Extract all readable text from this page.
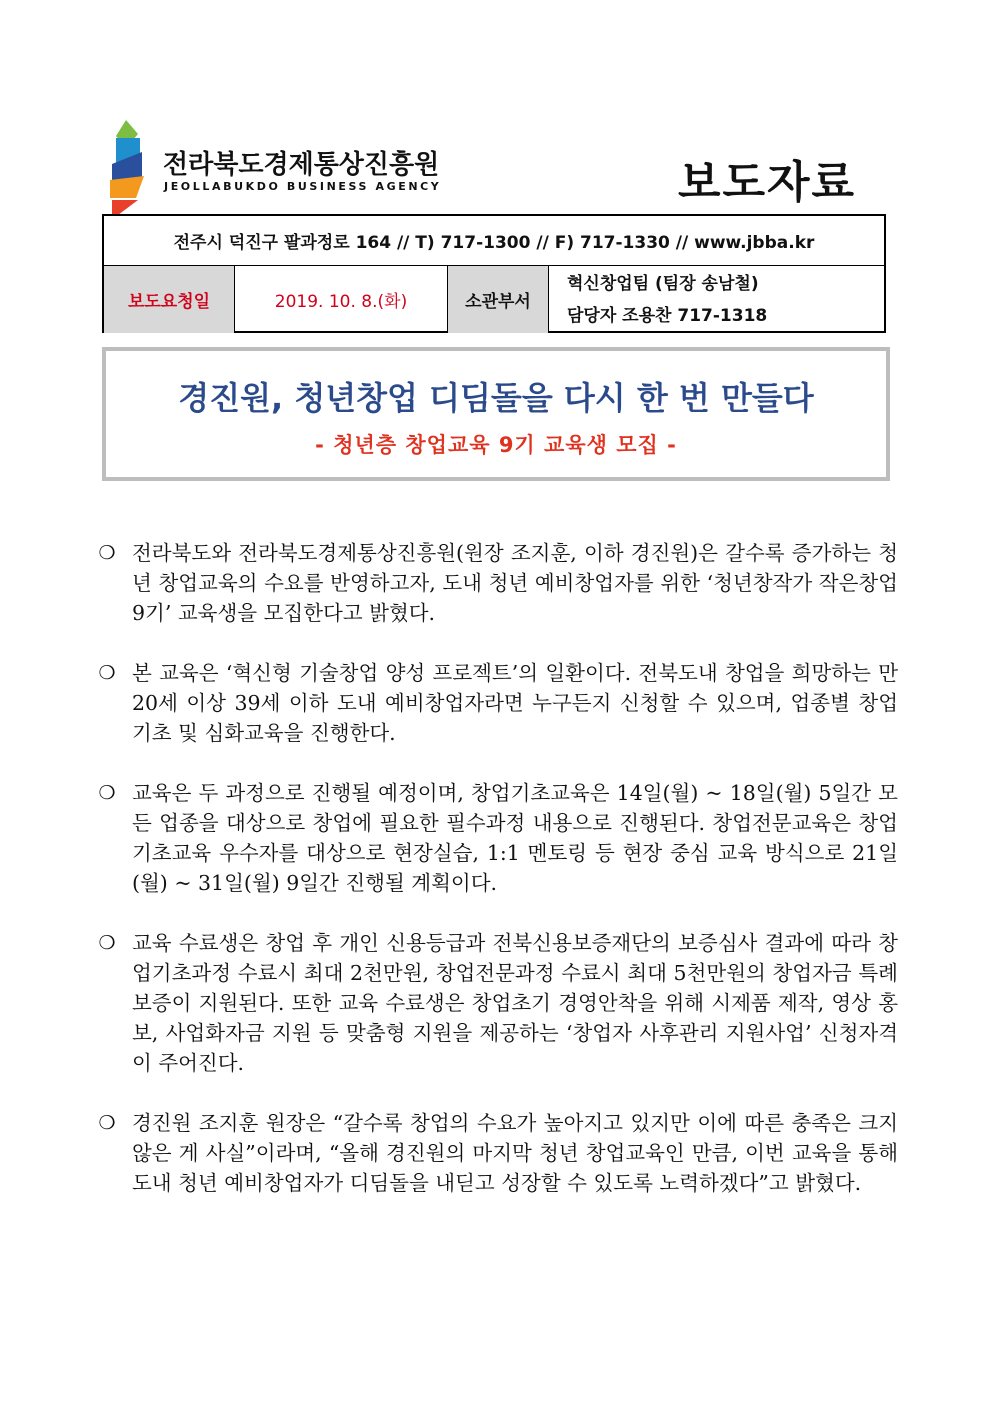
전라북도경제통상진흥원
JEOLLABUKDO BUSINESS AGENCY	보도자료
전주시 덕진구 팔과정로 164 // T) 717-1300 // F) 717-1330 // www.jbba.kr
보도요청일	2019. 10. 8.(화)	소관부서
혁신창업팀 (팀장 송남철)
담당자 조용찬 717-1318
경진원, 청년창업 디딤돌을 다시 한 번 만들다
- 청년층 창업교육 9기 교육생 모집 -

❍ 전라북도와 전라북도경제통상진흥원(원장 조지훈, 이하 경진원)은 갈수록 증가하는 청년 창업교육의 수요를 반영하고자, 도내 청년 예비창업자를 위한 ‘청년창작가 작은창업 9기’ 교육생을 모집한다고 밝혔다.

❍ 본 교육은 ‘혁신형 기술창업 양성 프로젝트’의 일환이다. 전북도내 창업을 희망하는 만 20세 이상 39세 이하 도내 예비창업자라면 누구든지 신청할 수 있으며, 업종별 창업 기초 및 심화교육을 진행한다.

❍ 교육은 두 과정으로 진행될 예정이며, 창업기초교육은 14일(월) ~ 18일(월) 5일간 모든 업종을 대상으로 창업에 필요한 필수과정 내용으로 진행된다. 창업전문교육은 창업기초교육 우수자를 대상으로 현장실습, 1:1 멘토링 등 현장 중심 교육 방식으로 21일(월) ~ 31일(월) 9일간 진행될 계획이다.

❍ 교육 수료생은 창업 후 개인 신용등급과 전북신용보증재단의 보증심사 결과에 따라 창업기초과정 수료시 최대 2천만원, 창업전문과정 수료시 최대 5천만원의 창업자금 특례보증이 지원된다. 또한 교육 수료생은 창업초기 경영안착을 위해 시제품 제작, 영상 홍보, 사업화자금 지원 등 맞춤형 지원을 제공하는 ‘창업자 사후관리 지원사업’ 신청자격이 주어진다.

❍ 경진원 조지훈 원장은 “갈수록 창업의 수요가 높아지고 있지만 이에 따른 충족은 크지 않은 게 사실”이라며, “올해 경진원의 마지막 청년 창업교육인 만큼, 이번 교육을 통해 도내 청년 예비창업자가 디딤돌을 내딛고 성장할 수 있도록 노력하겠다”고 밝혔다.
